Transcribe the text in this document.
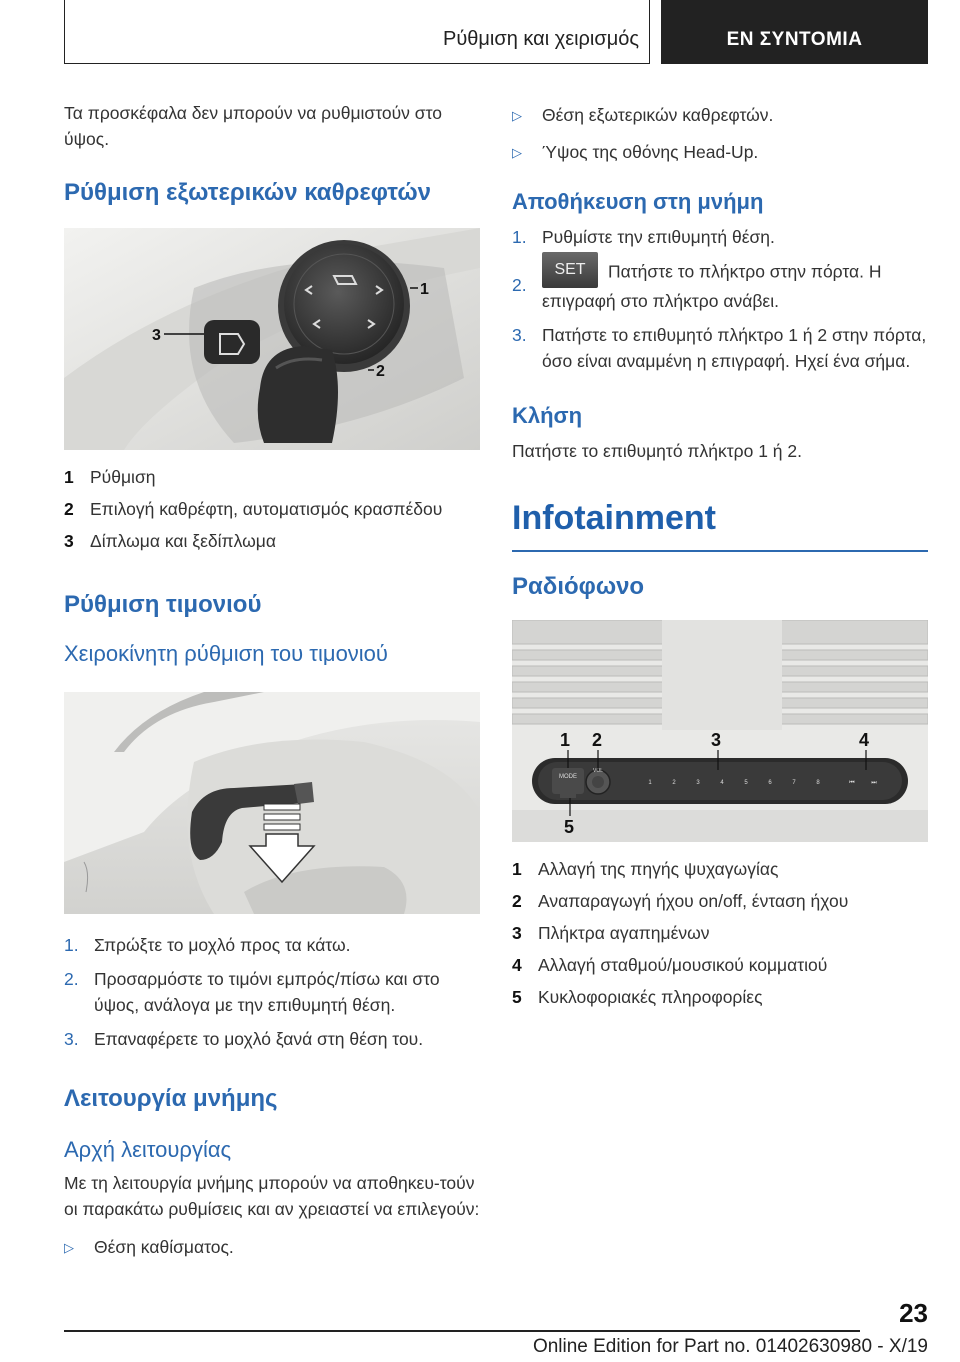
Ρύθμιση και χειρισμός	EN ΣΥΝΤΟΜΙΑ

Τα προσκέφαλα δεν μπορούν να ρυθμιστούν στο ύψος.

Ρύθμιση εξωτερικών καθρεφτών
1
2
3
1 Ρύθμιση
2 Επιλογή καθρέφτη, αυτοματισμός κρασπέδου
3 Δίπλωμα και ξεδίπλωμα
Ρύθμιση τιμονιού
Χειροκίνητη ρύθμιση του τιμονιού
1. Σπρώξτε το μοχλό προς τα κάτω.
2. Προσαρμόστε το τιμόνι εμπρός/πίσω και στο ύψος, ανάλογα με την επιθυμητή θέση.
3. Επαναφέρετε το μοχλό ξανά στη θέση του.
Λειτουργία μνήμης
Αρχή λειτουργίας

Με τη λειτουργία μνήμης μπορούν να αποθηκευ-τούν οι παρακάτω ρυθμίσεις και αν χρειαστεί να επιλεγούν:

▷	Θέση καθίσματος.
▷	Θέση εξωτερικών καθρεφτών.
▷	Ύψος της οθόνης Head-Up.
Αποθήκευση στη μνήμη
1. Ρυθμίστε την επιθυμητή θέση.
2.
SET Πατήστε το πλήκτρο στην πόρτα. Η επιγραφή στο πλήκτρο ανάβει.
3. Πατήστε το επιθυμητό πλήκτρο 1 ή 2 στην πόρτα, όσο είναι αναμμένη η επιγραφή. Ηχεί ένα σήμα.
Κλήση

Πατήστε το επιθυμητό πλήκτρο 1 ή 2.

Infotainment
Ραδιόφωνο
MODE
VOL
1	2	3	4	5	6	7	8	⏮	⏭
1 2	3	4
5
1 Αλλαγή της πηγής ψυχαγωγίας
2 Αναπαραγωγή ήχου on/off, ένταση ήχου
3 Πλήκτρα αγαπημένων
4 Αλλαγή σταθμού/μουσικού κομματιού
5 Κυκλοφοριακές πληροφορίες
23
Online Edition for Part no. 01402630980 - X/19
